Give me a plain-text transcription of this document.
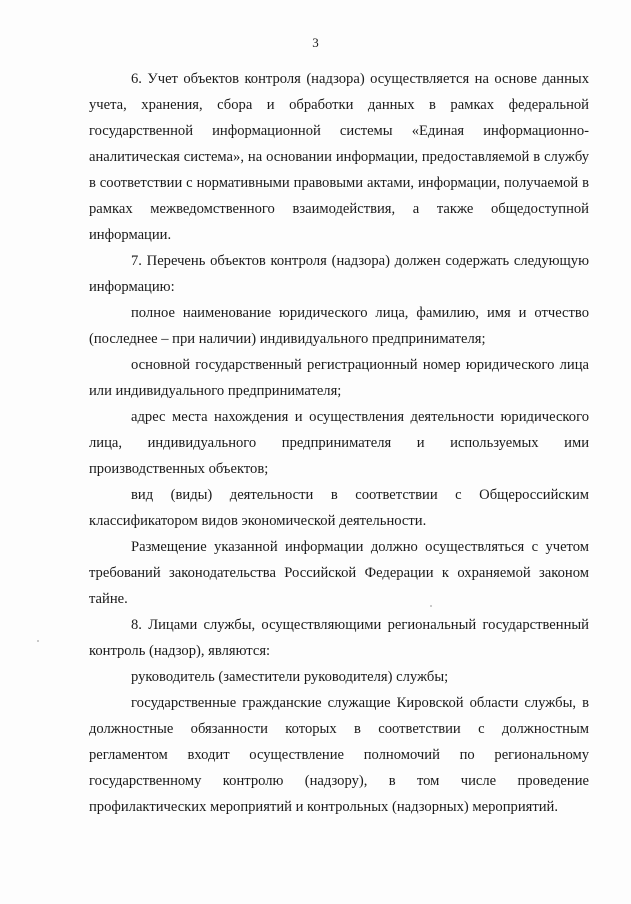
3

6. Учет объектов контроля (надзора) осуществляется на основе данных учета, хранения, сбора и обработки данных в рамках федеральной государственной информационной системы «Единая информационно-аналитическая система», на основании информации, предоставляемой в службу в соответствии с нормативными правовыми актами, информации, получаемой в рамках межведомственного взаимодействия, а также общедоступной информации.

7. Перечень объектов контроля (надзора) должен содержать следующую информацию:

полное наименование юридического лица, фамилию, имя и отчество (последнее – при наличии) индивидуального предпринимателя;

основной государственный регистрационный номер юридического лица или индивидуального предпринимателя;

адрес места нахождения и осуществления деятельности юридического лица, индивидуального предпринимателя и используемых ими производственных объектов;

вид (виды) деятельности в соответствии с Общероссийским классификатором видов экономической деятельности.

Размещение указанной информации должно осуществляться с учетом требований законодательства Российской Федерации к охраняемой законом тайне.

8. Лицами службы, осуществляющими региональный государственный контроль (надзор), являются:

руководитель (заместители руководителя) службы;

государственные гражданские служащие Кировской области службы, в должностные обязанности которых в соответствии с должностным регламентом входит осуществление полномочий по региональному государственному контролю (надзору), в том числе проведение профилактических мероприятий и контрольных (надзорных) мероприятий.
